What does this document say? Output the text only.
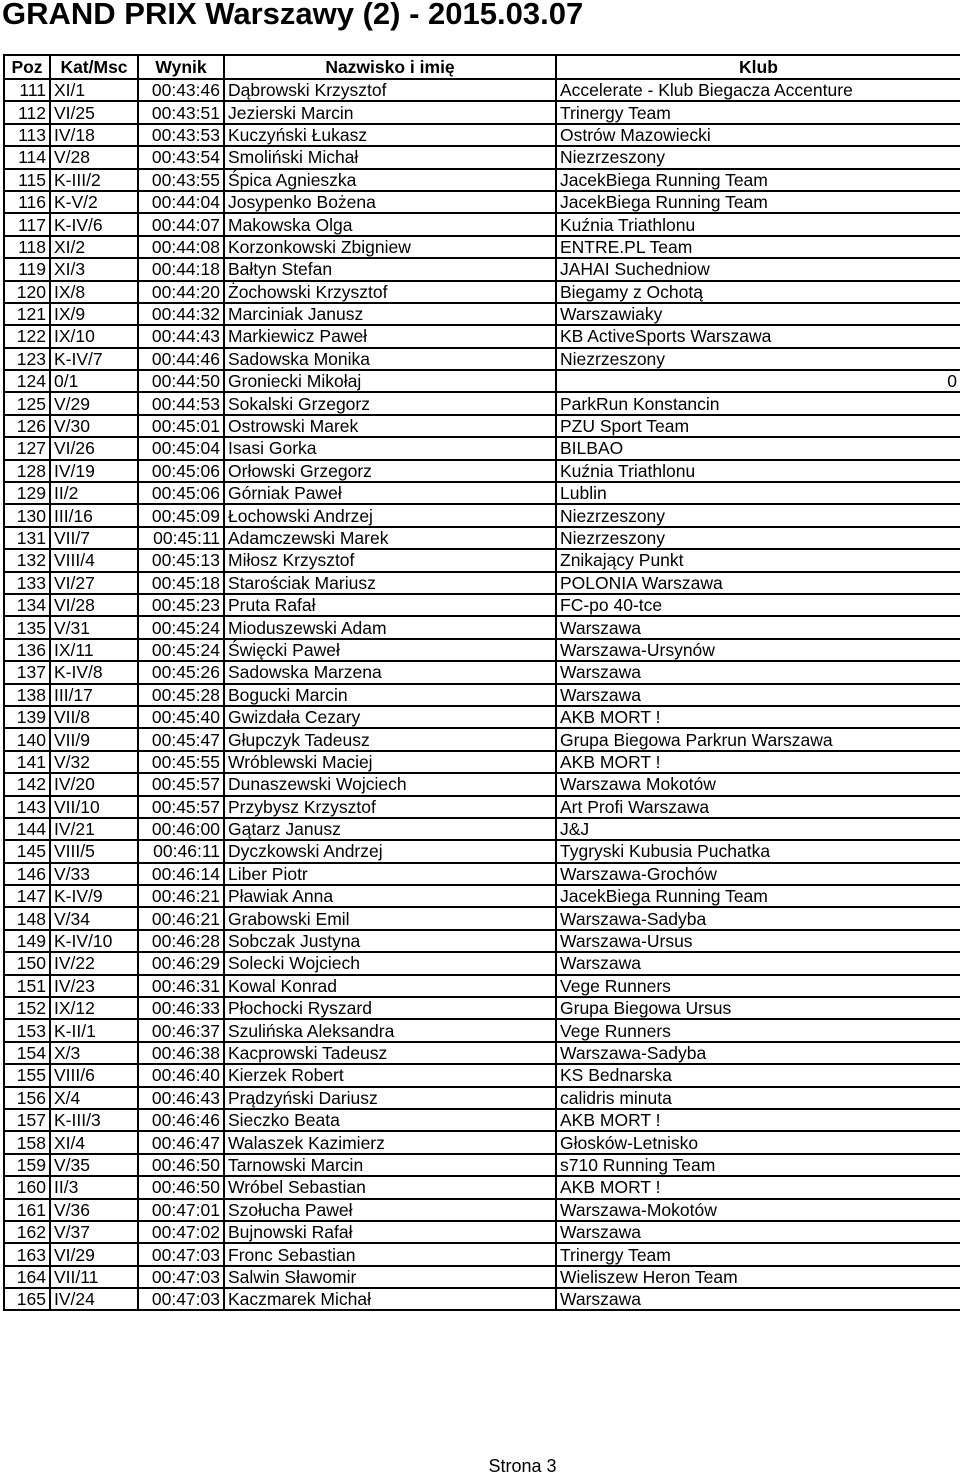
GRAND PRIX Warszawy (2) - 2015.03.07
Poz	Kat/Msc	Wynik	Nazwisko i imię	Klub
111	XI/1	00:43:46	Dąbrowski Krzysztof	Accelerate - Klub Biegacza Accenture
112	VI/25	00:43:51	Jezierski Marcin	Trinergy Team
113	IV/18	00:43:53	Kuczyński Łukasz	Ostrów Mazowiecki
114	V/28	00:43:54	Smoliński Michał	Niezrzeszony
115	K-III/2	00:43:55	Śpica Agnieszka	JacekBiega Running Team
116	K-V/2	00:44:04	Josypenko Bożena	JacekBiega Running Team
117	K-IV/6	00:44:07	Makowska Olga	Kuźnia Triathlonu
118	XI/2	00:44:08	Korzonkowski Zbigniew	ENTRE.PL Team
119	XI/3	00:44:18	Bałtyn Stefan	JAHAI Suchedniow
120	IX/8	00:44:20	Żochowski Krzysztof	Biegamy z Ochotą
121	IX/9	00:44:32	Marciniak Janusz	Warszawiaky
122	IX/10	00:44:43	Markiewicz Paweł	KB ActiveSports Warszawa
123	K-IV/7	00:44:46	Sadowska Monika	Niezrzeszony
124	0/1	00:44:50	Groniecki Mikołaj	0
125	V/29	00:44:53	Sokalski Grzegorz	ParkRun Konstancin
126	V/30	00:45:01	Ostrowski Marek	PZU Sport Team
127	VI/26	00:45:04	Isasi Gorka	BILBAO
128	IV/19	00:45:06	Orłowski Grzegorz	Kuźnia Triathlonu
129	II/2	00:45:06	Górniak Paweł	Lublin
130	III/16	00:45:09	Łochowski Andrzej	Niezrzeszony
131	VII/7	00:45:11	Adamczewski Marek	Niezrzeszony
132	VIII/4	00:45:13	Miłosz Krzysztof	Znikający Punkt
133	VI/27	00:45:18	Starościak Mariusz	POLONIA Warszawa
134	VI/28	00:45:23	Pruta Rafał	FC-po 40-tce
135	V/31	00:45:24	Mioduszewski Adam	Warszawa
136	IX/11	00:45:24	Święcki Paweł	Warszawa-Ursynów
137	K-IV/8	00:45:26	Sadowska Marzena	Warszawa
138	III/17	00:45:28	Bogucki Marcin	Warszawa
139	VII/8	00:45:40	Gwizdała Cezary	AKB MORT !
140	VII/9	00:45:47	Głupczyk Tadeusz	Grupa Biegowa Parkrun Warszawa
141	V/32	00:45:55	Wróblewski Maciej	AKB MORT !
142	IV/20	00:45:57	Dunaszewski Wojciech	Warszawa Mokotów
143	VII/10	00:45:57	Przybysz Krzysztof	Art Profi Warszawa
144	IV/21	00:46:00	Gątarz Janusz	J&J
145	VIII/5	00:46:11	Dyczkowski Andrzej	Tygryski Kubusia Puchatka
146	V/33	00:46:14	Liber Piotr	Warszawa-Grochów
147	K-IV/9	00:46:21	Pławiak Anna	JacekBiega Running Team
148	V/34	00:46:21	Grabowski Emil	Warszawa-Sadyba
149	K-IV/10	00:46:28	Sobczak Justyna	Warszawa-Ursus
150	IV/22	00:46:29	Solecki Wojciech	Warszawa
151	IV/23	00:46:31	Kowal Konrad	Vege Runners
152	IX/12	00:46:33	Płochocki Ryszard	Grupa Biegowa Ursus
153	K-II/1	00:46:37	Szulińska Aleksandra	Vege Runners
154	X/3	00:46:38	Kacprowski Tadeusz	Warszawa-Sadyba
155	VIII/6	00:46:40	Kierzek Robert	KS Bednarska
156	X/4	00:46:43	Prądzyński Dariusz	calidris minuta
157	K-III/3	00:46:46	Sieczko Beata	AKB MORT !
158	XI/4	00:46:47	Walaszek Kazimierz	Głosków-Letnisko
159	V/35	00:46:50	Tarnowski Marcin	s710 Running Team
160	II/3	00:46:50	Wróbel Sebastian	AKB MORT !
161	V/36	00:47:01	Szołucha Paweł	Warszawa-Mokotów
162	V/37	00:47:02	Bujnowski Rafał	Warszawa
163	VI/29	00:47:03	Fronc Sebastian	Trinergy Team
164	VII/11	00:47:03	Salwin Sławomir	Wieliszew Heron Team
165	IV/24	00:47:03	Kaczmarek Michał	Warszawa
Strona 3
